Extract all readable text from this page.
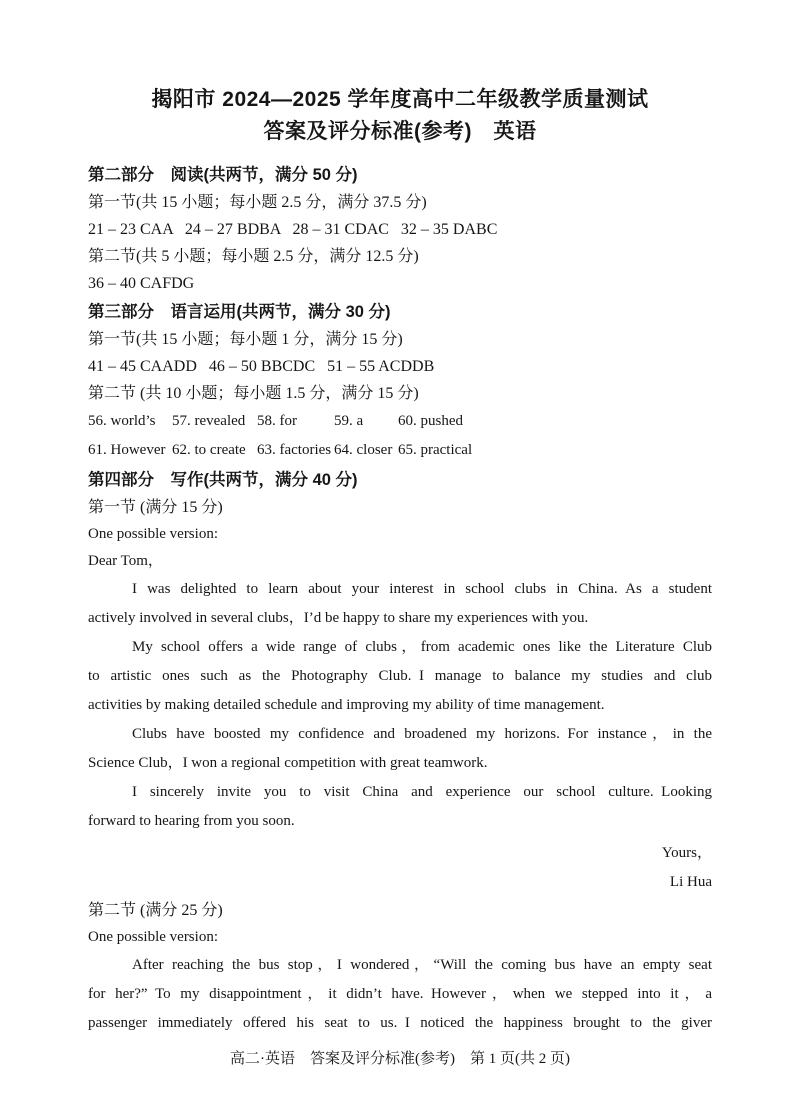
揭阳市 2024—2025 学年度高中二年级教学质量测试
答案及评分标准(参考)　英语
第二部分　阅读(共两节，满分 50 分)
第一节(共 15 小题；每小题 2.5 分，满分 37.5 分)
21 – 23 CAA   24 – 27 BDBA   28 – 31 CDAC   32 – 35 DABC
第二节(共 5 小题；每小题 2.5 分，满分 12.5 分)
36 – 40 CAFDG
第三部分　语言运用(共两节，满分 30 分)
第一节(共 15 小题；每小题 1 分，满分 15 分)
41 – 45 CAADD   46 – 50 BBCDC   51 – 55 ACDDB
第二节 (共 10 小题；每小题 1.5 分，满分 15 分)
56. world’s	57. revealed 58. for	59. a	60. pushed
61. However 62. to create 63. factories 64. closer 65. practical
第四部分　写作(共两节，满分 40 分)
第一节 (满分 15 分)
One possible version:
Dear Tom，
I was delighted to learn about your interest in school clubs in China. As a student
actively involved in several clubs，I’d be happy to share my experiences with you.
My school offers a wide range of clubs，from academic ones like the Literature Club
to artistic ones such as the Photography Club. I manage to balance my studies and club
activities by making detailed schedule and improving my ability of time management.
Clubs have boosted my confidence and broadened my horizons. For instance，in the
Science Club，I won a regional competition with great teamwork.
I sincerely invite you to visit China and experience our school culture. Looking
forward to hearing from you soon.
Yours，
Li Hua
第二节 (满分 25 分)
One possible version:
After reaching the bus stop，I wondered，“Will the coming bus have an empty seat
for her?” To my disappointment，it didn’t have. However，when we stepped into it，a
passenger immediately offered his seat to us. I noticed the happiness brought to the giver
高二·英语　答案及评分标准(参考)　第 1 页(共 2 页)
